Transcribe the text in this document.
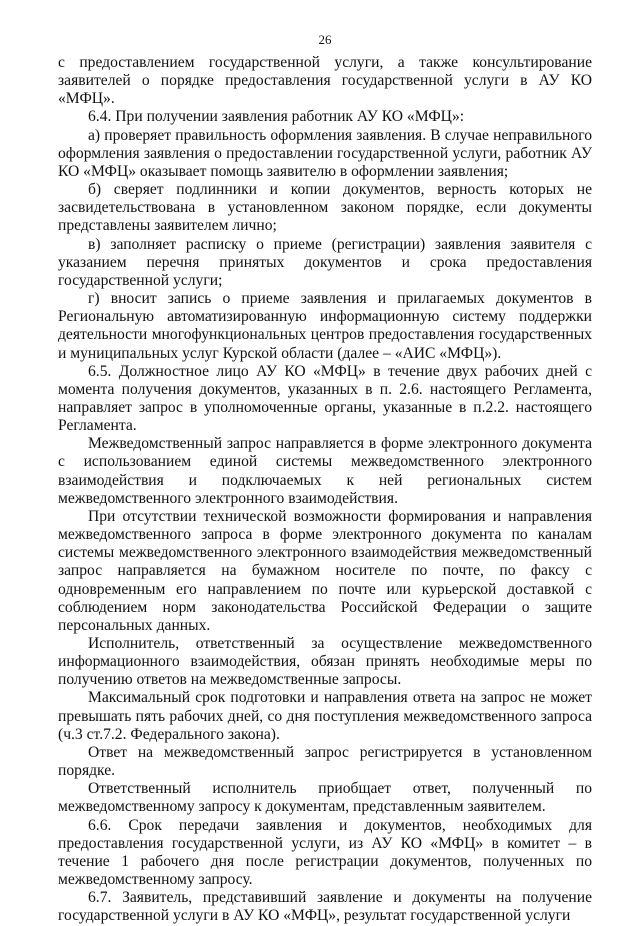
26

с предоставлением государственной услуги, а также консультирование заявителей о порядке предоставления государственной услуги в АУ КО «МФЦ».

6.4. При получении заявления работник АУ КО «МФЦ»:

а) проверяет правильность оформления заявления. В случае неправильного оформления заявления о предоставлении государственной услуги, работник АУ КО «МФЦ» оказывает помощь заявителю в оформлении заявления;

б) сверяет подлинники и копии документов, верность которых не засвидетельствована в установленном законом порядке, если документы представлены заявителем лично;

в) заполняет расписку о приеме (регистрации) заявления заявителя с указанием перечня принятых документов и срока предоставления государственной услуги;

г) вносит запись о приеме заявления и прилагаемых документов в Региональную автоматизированную информационную систему поддержки деятельности многофункциональных центров предоставления государственных и муниципальных услуг Курской области (далее – «АИС «МФЦ»).

6.5. Должностное лицо АУ КО «МФЦ» в течение двух рабочих дней с момента получения документов, указанных в п. 2.6. настоящего Регламента, направляет запрос в уполномоченные органы, указанные в п.2.2. настоящего Регламента.

Межведомственный запрос направляется в форме электронного документа с использованием единой системы межведомственного электронного взаимодействия и подключаемых к ней региональных систем межведомственного электронного взаимодействия.

При отсутствии технической возможности формирования и направления межведомственного запроса в форме электронного документа по каналам системы межведомственного электронного взаимодействия межведомственный запрос направляется на бумажном носителе по почте, по факсу с одновременным его направлением по почте или курьерской доставкой с соблюдением норм законодательства Российской Федерации о защите персональных данных.

Исполнитель, ответственный за осуществление межведомственного информационного взаимодействия, обязан принять необходимые меры по получению ответов на межведомственные запросы.

Максимальный срок подготовки и направления ответа на запрос не может превышать пять рабочих дней, со дня поступления межведомственного запроса (ч.3 ст.7.2. Федерального закона).

Ответ на межведомственный запрос регистрируется в установленном порядке.

Ответственный исполнитель приобщает ответ, полученный по межведомственному запросу к документам, представленным заявителем.

6.6. Срок передачи заявления и документов, необходимых для предоставления государственной услуги, из АУ КО «МФЦ» в комитет – в течение 1 рабочего дня после регистрации документов, полученных по межведомственному запросу.

6.7. Заявитель, представивший заявление и документы на получение государственной услуги в АУ КО «МФЦ», результат государственной услуги
